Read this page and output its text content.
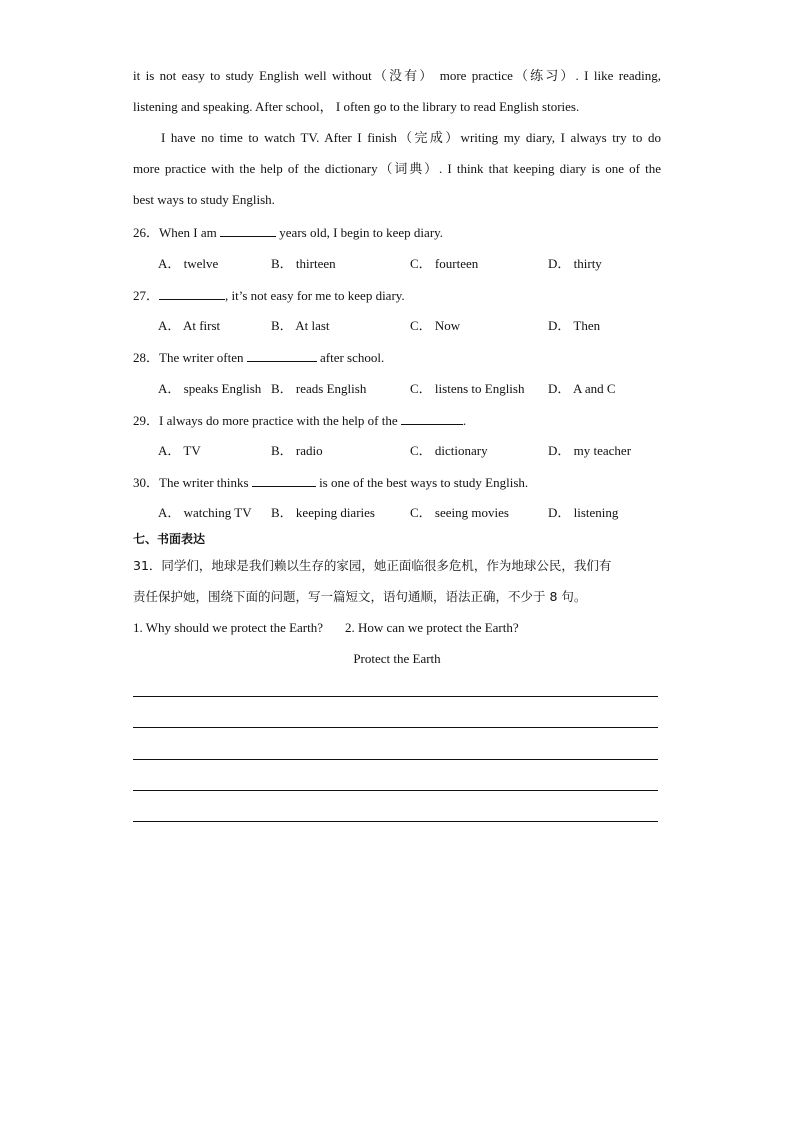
it is not easy to study English well without（没有） more practice（练习）. I like reading,
listening and speaking. After school， I often go to the library to read English stories.
I have no time to watch TV. After I finish（完成）writing my diary, I always try to do
more practice with the help of the dictionary（词典）. I think that keeping diary is one of the
best ways to study English.
26．When I am	years old, I begin to keep diary.
A． twelve	B． thirteen	C． fourteen	D． thirty
27．	, it’s not easy for me to keep diary.
A． At first	B． At last	C． Now	D． Then
28．The writer often	after school.
A． speaks English B． reads English	C． listens to English D． A and C
29．I always do more practice with the help of the	.
A． TV	B． radio	C． dictionary	D． my teacher
30．The writer thinks	is one of the best ways to study English.
A． watching TV B． keeping diaries	C． seeing movies	D． listening
七、书面表达
31．同学们，地球是我们赖以生存的家园，她正面临很多危机，作为地球公民，我们有
责任保护她，围绕下面的问题，写一篇短文，语句通顺，语法正确，不少于 8 句。
1. Why should we protect the Earth? 2. How can we protect the Earth?
Protect the Earth
